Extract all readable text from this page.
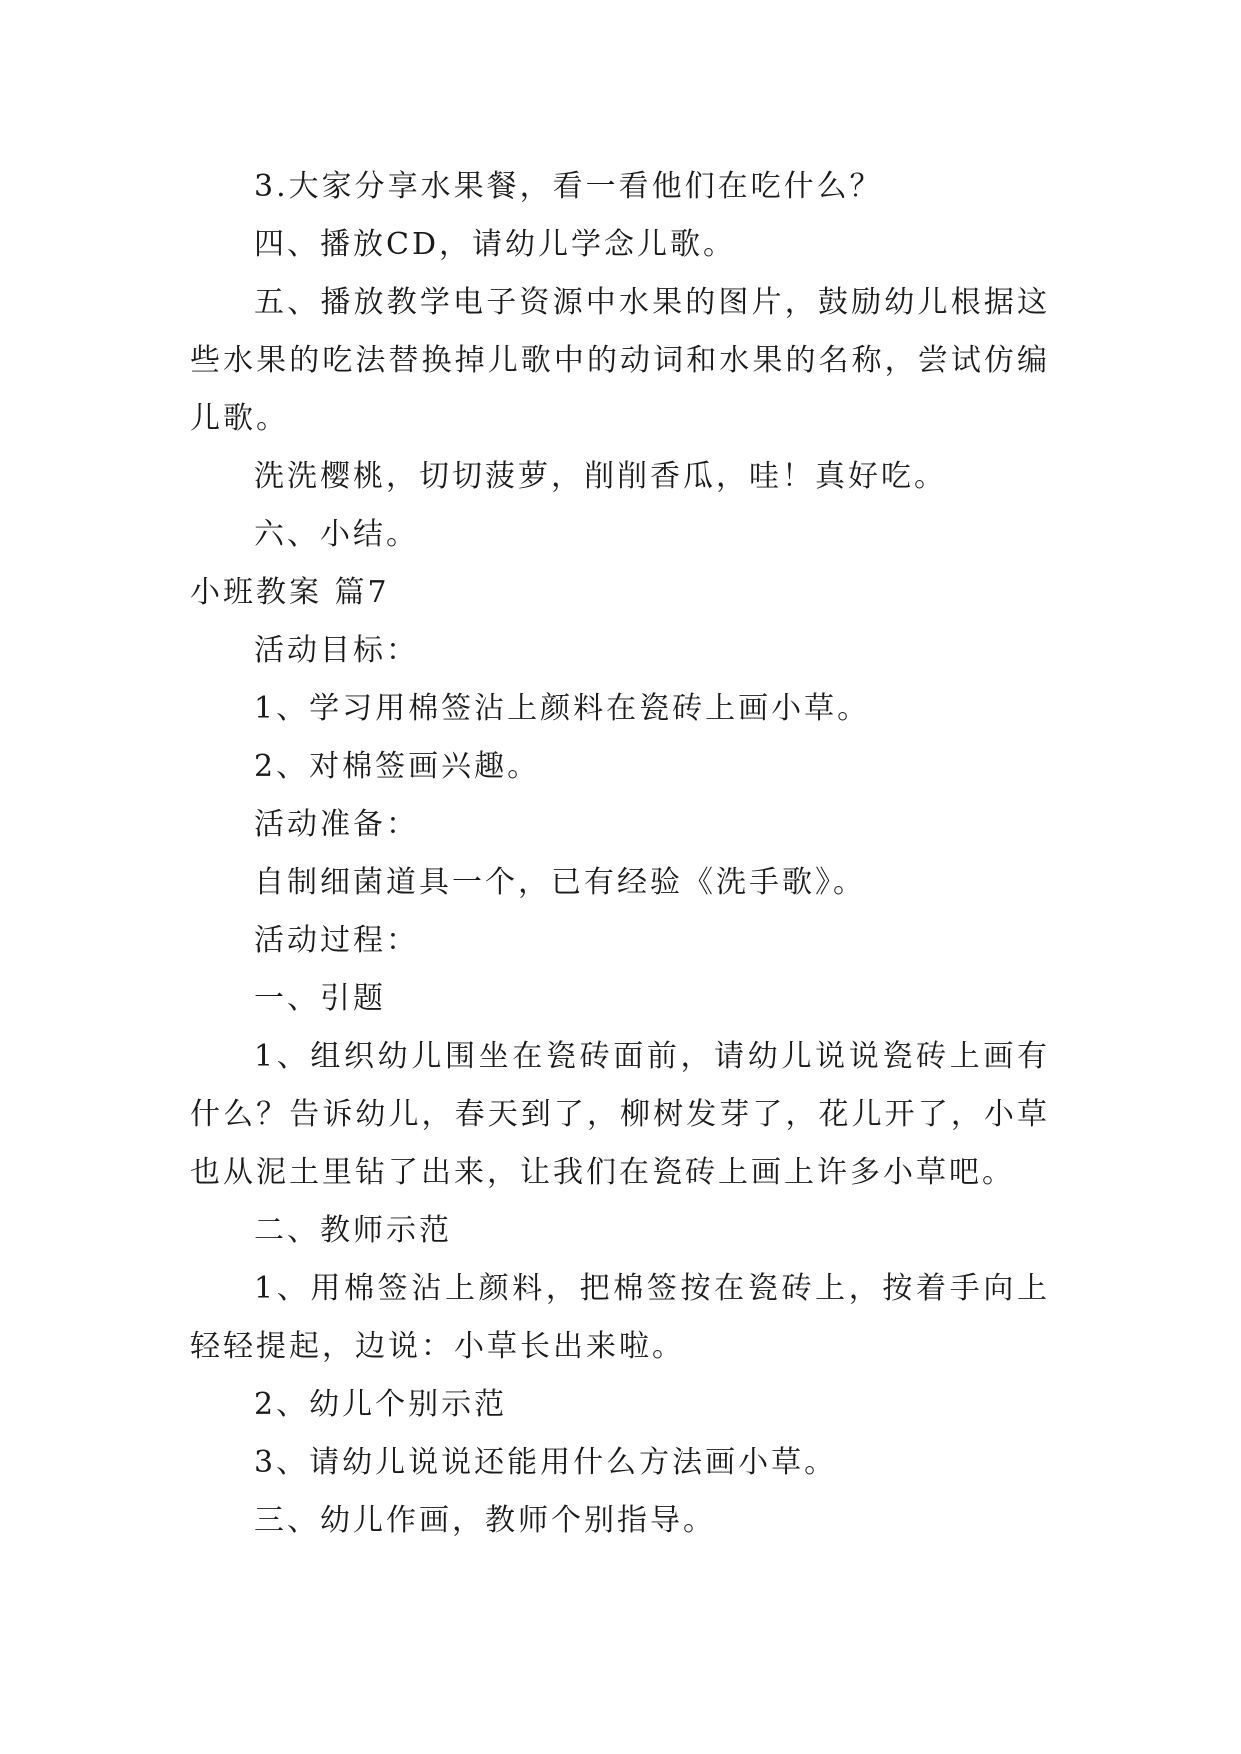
3.大家分享水果餐，看一看他们在吃什么？

四、播放CD，请幼儿学念儿歌。

五、播放教学电子资源中水果的图片，鼓励幼儿根据这些水果的吃法替换掉儿歌中的动词和水果的名称，尝试仿编儿歌。

洗洗樱桃，切切菠萝，削削香瓜，哇！真好吃。

六、小结。

小班教案 篇7

活动目标：

1、学习用棉签沾上颜料在瓷砖上画小草。

2、对棉签画兴趣。

活动准备：

自制细菌道具一个，已有经验《洗手歌》。

活动过程：

一、引题

1、组织幼儿围坐在瓷砖面前，请幼儿说说瓷砖上画有什么？告诉幼儿，春天到了，柳树发芽了，花儿开了，小草也从泥土里钻了出来，让我们在瓷砖上画上许多小草吧。

二、教师示范

1、用棉签沾上颜料，把棉签按在瓷砖上，按着手向上轻轻提起，边说：小草长出来啦。

2、幼儿个别示范

3、请幼儿说说还能用什么方法画小草。

三、幼儿作画，教师个别指导。
